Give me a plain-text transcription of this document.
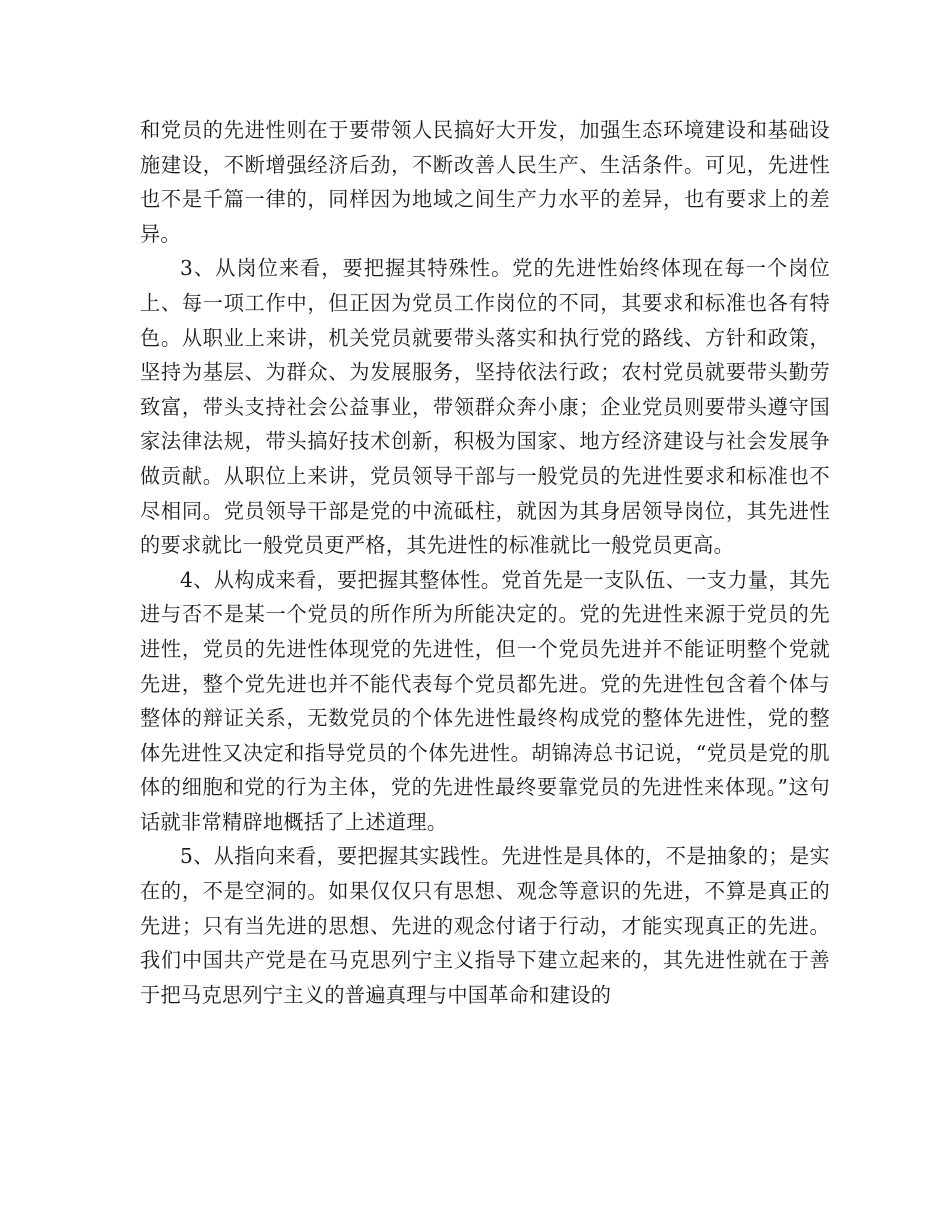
和党员的先进性则在于要带领人民搞好大开发，加强生态环境建设和基础设施建设，不断增强经济后劲，不断改善人民生产、生活条件。可见，先进性也不是千篇一律的，同样因为地域之间生产力水平的差异，也有要求上的差异。

3、从岗位来看，要把握其特殊性。党的先进性始终体现在每一个岗位上、每一项工作中，但正因为党员工作岗位的不同，其要求和标准也各有特色。从职业上来讲，机关党员就要带头落实和执行党的路线、方针和政策，坚持为基层、为群众、为发展服务，坚持依法行政；农村党员就要带头勤劳致富，带头支持社会公益事业，带领群众奔小康；企业党员则要带头遵守国家法律法规，带头搞好技术创新，积极为国家、地方经济建设与社会发展争做贡献。从职位上来讲，党员领导干部与一般党员的先进性要求和标准也不尽相同。党员领导干部是党的中流砥柱，就因为其身居领导岗位，其先进性的要求就比一般党员更严格，其先进性的标准就比一般党员更高。

4、从构成来看，要把握其整体性。党首先是一支队伍、一支力量，其先进与否不是某一个党员的所作所为所能决定的。党的先进性来源于党员的先进性，党员的先进性体现党的先进性，但一个党员先进并不能证明整个党就先进，整个党先进也并不能代表每个党员都先进。党的先进性包含着个体与整体的辩证关系，无数党员的个体先进性最终构成党的整体先进性，党的整体先进性又决定和指导党员的个体先进性。胡锦涛总书记说，“党员是党的肌体的细胞和党的行为主体，党的先进性最终要靠党员的先进性来体现。”这句话就非常精辟地概括了上述道理。

5、从指向来看，要把握其实践性。先进性是具体的，不是抽象的；是实在的，不是空洞的。如果仅仅只有思想、观念等意识的先进，不算是真正的先进；只有当先进的思想、先进的观念付诸于行动，才能实现真正的先进。我们中国共产党是在马克思列宁主义指导下建立起来的，其先进性就在于善于把马克思列宁主义的普遍真理与中国革命和建设的
